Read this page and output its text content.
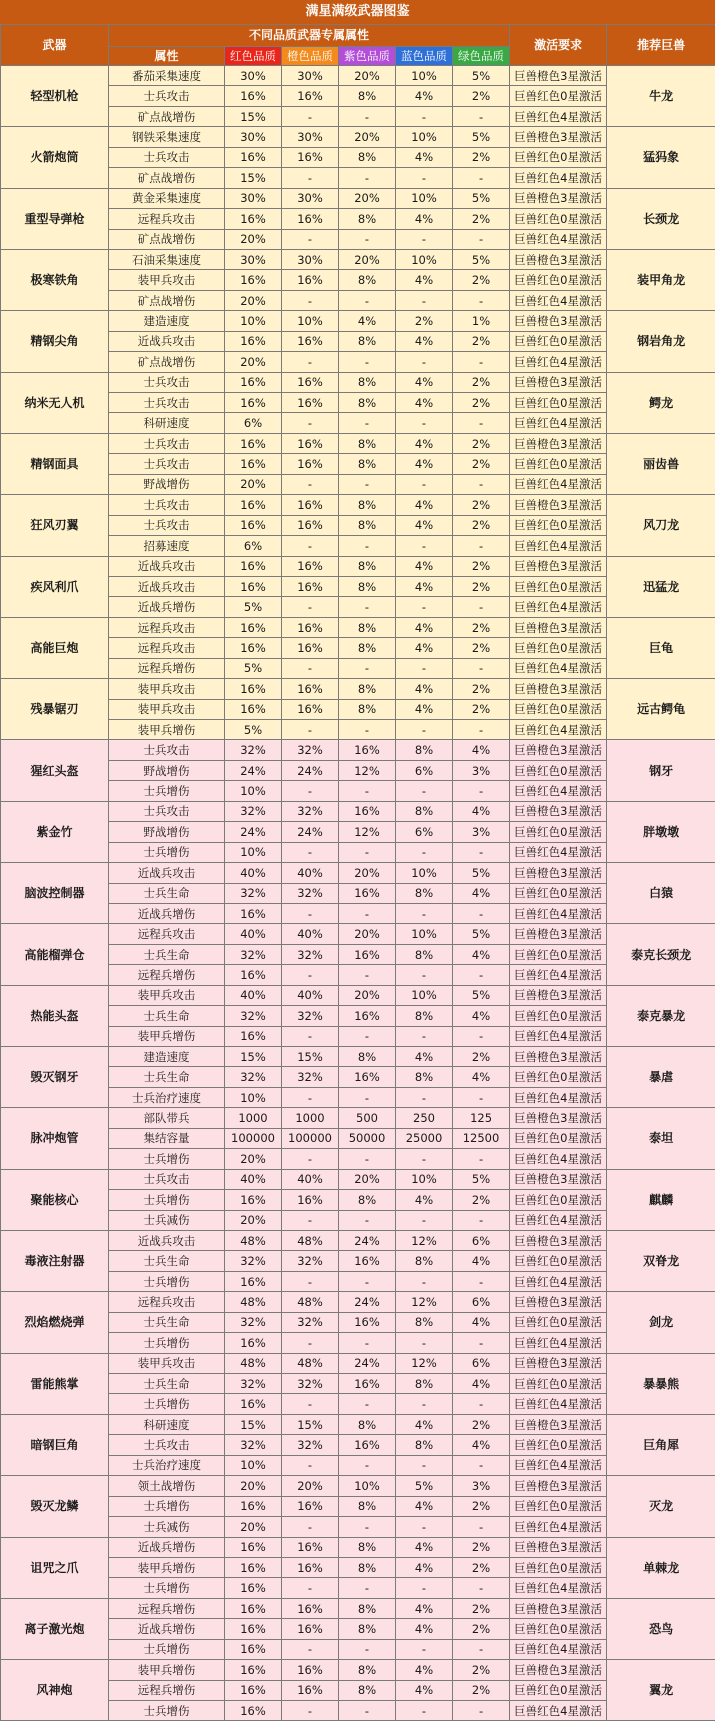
满星满级武器图鉴
武器	不同品质武器专属属性						激活要求	推荐巨兽
	属性	红色品质	橙色品质	紫色品质	蓝色品质	绿色品质		
轻型机枪	番茄采集速度	30%	30%	20%	10%	5%	巨兽橙色3星激活	牛龙
	士兵攻击	16%	16%	8%	4%	2%	巨兽红色0星激活	
	矿点战增伤	15%	-	-	-	-	巨兽红色4星激活	
火箭炮筒	钢铁采集速度	30%	30%	20%	10%	5%	巨兽橙色3星激活	猛犸象
	士兵攻击	16%	16%	8%	4%	2%	巨兽红色0星激活	
	矿点战增伤	15%	-	-	-	-	巨兽红色4星激活	
重型导弹枪	黄金采集速度	30%	30%	20%	10%	5%	巨兽橙色3星激活	长颈龙
	远程兵攻击	16%	16%	8%	4%	2%	巨兽红色0星激活	
	矿点战增伤	20%	-	-	-	-	巨兽红色4星激活	
极寒铁角	石油采集速度	30%	30%	20%	10%	5%	巨兽橙色3星激活	装甲角龙
	装甲兵攻击	16%	16%	8%	4%	2%	巨兽红色0星激活	
	矿点战增伤	20%	-	-	-	-	巨兽红色4星激活	
精钢尖角	建造速度	10%	10%	4%	2%	1%	巨兽橙色3星激活	钢岩角龙
	近战兵攻击	16%	16%	8%	4%	2%	巨兽红色0星激活	
	矿点战增伤	20%	-	-	-	-	巨兽红色4星激活	
纳米无人机	士兵攻击	16%	16%	8%	4%	2%	巨兽橙色3星激活	鳄龙
	士兵攻击	16%	16%	8%	4%	2%	巨兽红色0星激活	
	科研速度	6%	-	-	-	-	巨兽红色4星激活	
精钢面具	士兵攻击	16%	16%	8%	4%	2%	巨兽橙色3星激活	丽齿兽
	士兵攻击	16%	16%	8%	4%	2%	巨兽红色0星激活	
	野战增伤	20%	-	-	-	-	巨兽红色4星激活	
狂风刃翼	士兵攻击	16%	16%	8%	4%	2%	巨兽橙色3星激活	风刀龙
	士兵攻击	16%	16%	8%	4%	2%	巨兽红色0星激活	
	招募速度	6%	-	-	-	-	巨兽红色4星激活	
疾风利爪	近战兵攻击	16%	16%	8%	4%	2%	巨兽橙色3星激活	迅猛龙
	近战兵攻击	16%	16%	8%	4%	2%	巨兽红色0星激活	
	近战兵增伤	5%	-	-	-	-	巨兽红色4星激活	
高能巨炮	远程兵攻击	16%	16%	8%	4%	2%	巨兽橙色3星激活	巨龟
	远程兵攻击	16%	16%	8%	4%	2%	巨兽红色0星激活	
	远程兵增伤	5%	-	-	-	-	巨兽红色4星激活	
残暴锯刃	装甲兵攻击	16%	16%	8%	4%	2%	巨兽橙色3星激活	远古鳄龟
	装甲兵攻击	16%	16%	8%	4%	2%	巨兽红色0星激活	
	装甲兵增伤	5%	-	-	-	-	巨兽红色4星激活	
猩红头盔	士兵攻击	32%	32%	16%	8%	4%	巨兽橙色3星激活	钢牙
	野战增伤	24%	24%	12%	6%	3%	巨兽红色0星激活	
	士兵增伤	10%	-	-	-	-	巨兽红色4星激活	
紫金竹	士兵攻击	32%	32%	16%	8%	4%	巨兽橙色3星激活	胖墩墩
	野战增伤	24%	24%	12%	6%	3%	巨兽红色0星激活	
	士兵增伤	10%	-	-	-	-	巨兽红色4星激活	
脑波控制器	近战兵攻击	40%	40%	20%	10%	5%	巨兽橙色3星激活	白猿
	士兵生命	32%	32%	16%	8%	4%	巨兽红色0星激活	
	近战兵增伤	16%	-	-	-	-	巨兽红色4星激活	
高能榴弹仓	远程兵攻击	40%	40%	20%	10%	5%	巨兽橙色3星激活	泰克长颈龙
	士兵生命	32%	32%	16%	8%	4%	巨兽红色0星激活	
	远程兵增伤	16%	-	-	-	-	巨兽红色4星激活	
热能头盔	装甲兵攻击	40%	40%	20%	10%	5%	巨兽橙色3星激活	泰克暴龙
	士兵生命	32%	32%	16%	8%	4%	巨兽红色0星激活	
	装甲兵增伤	16%	-	-	-	-	巨兽红色4星激活	
毁灭钢牙	建造速度	15%	15%	8%	4%	2%	巨兽橙色3星激活	暴虐
	士兵生命	32%	32%	16%	8%	4%	巨兽红色0星激活	
	士兵治疗速度	10%	-	-	-	-	巨兽红色4星激活	
脉冲炮管	部队带兵	1000	1000	500	250	125	巨兽橙色3星激活	泰坦
	集结容量	100000	100000	50000	25000	12500	巨兽红色0星激活	
	士兵增伤	20%	-	-	-	-	巨兽红色4星激活	
聚能核心	士兵攻击	40%	40%	20%	10%	5%	巨兽橙色3星激活	麒麟
	士兵增伤	16%	16%	8%	4%	2%	巨兽红色0星激活	
	士兵减伤	20%	-	-	-	-	巨兽红色4星激活	
毒液注射器	近战兵攻击	48%	48%	24%	12%	6%	巨兽橙色3星激活	双脊龙
	士兵生命	32%	32%	16%	8%	4%	巨兽红色0星激活	
	士兵增伤	16%	-	-	-	-	巨兽红色4星激活	
烈焰燃烧弹	远程兵攻击	48%	48%	24%	12%	6%	巨兽橙色3星激活	剑龙
	士兵生命	32%	32%	16%	8%	4%	巨兽红色0星激活	
	士兵增伤	16%	-	-	-	-	巨兽红色4星激活	
雷能熊掌	装甲兵攻击	48%	48%	24%	12%	6%	巨兽橙色3星激活	暴暴熊
	士兵生命	32%	32%	16%	8%	4%	巨兽红色0星激活	
	士兵增伤	16%	-	-	-	-	巨兽红色4星激活	
暗钢巨角	科研速度	15%	15%	8%	4%	2%	巨兽橙色3星激活	巨角犀
	士兵攻击	32%	32%	16%	8%	4%	巨兽红色0星激活	
	士兵治疗速度	10%	-	-	-	-	巨兽红色4星激活	
毁灭龙鳞	领土战增伤	20%	20%	10%	5%	3%	巨兽橙色3星激活	灭龙
	士兵增伤	16%	16%	8%	4%	2%	巨兽红色0星激活	
	士兵减伤	20%	-	-	-	-	巨兽红色4星激活	
诅咒之爪	近战兵增伤	16%	16%	8%	4%	2%	巨兽橙色3星激活	单棘龙
	装甲兵增伤	16%	16%	8%	4%	2%	巨兽红色0星激活	
	士兵增伤	16%	-	-	-	-	巨兽红色4星激活	
离子激光炮	远程兵增伤	16%	16%	8%	4%	2%	巨兽橙色3星激活	恐鸟
	近战兵增伤	16%	16%	8%	4%	2%	巨兽红色0星激活	
	士兵增伤	16%	-	-	-	-	巨兽红色4星激活	
风神炮	装甲兵增伤	16%	16%	8%	4%	2%	巨兽橙色3星激活	翼龙
	远程兵增伤	16%	16%	8%	4%	2%	巨兽红色0星激活	
	士兵增伤	16%	-	-	-	-	巨兽红色4星激活	
